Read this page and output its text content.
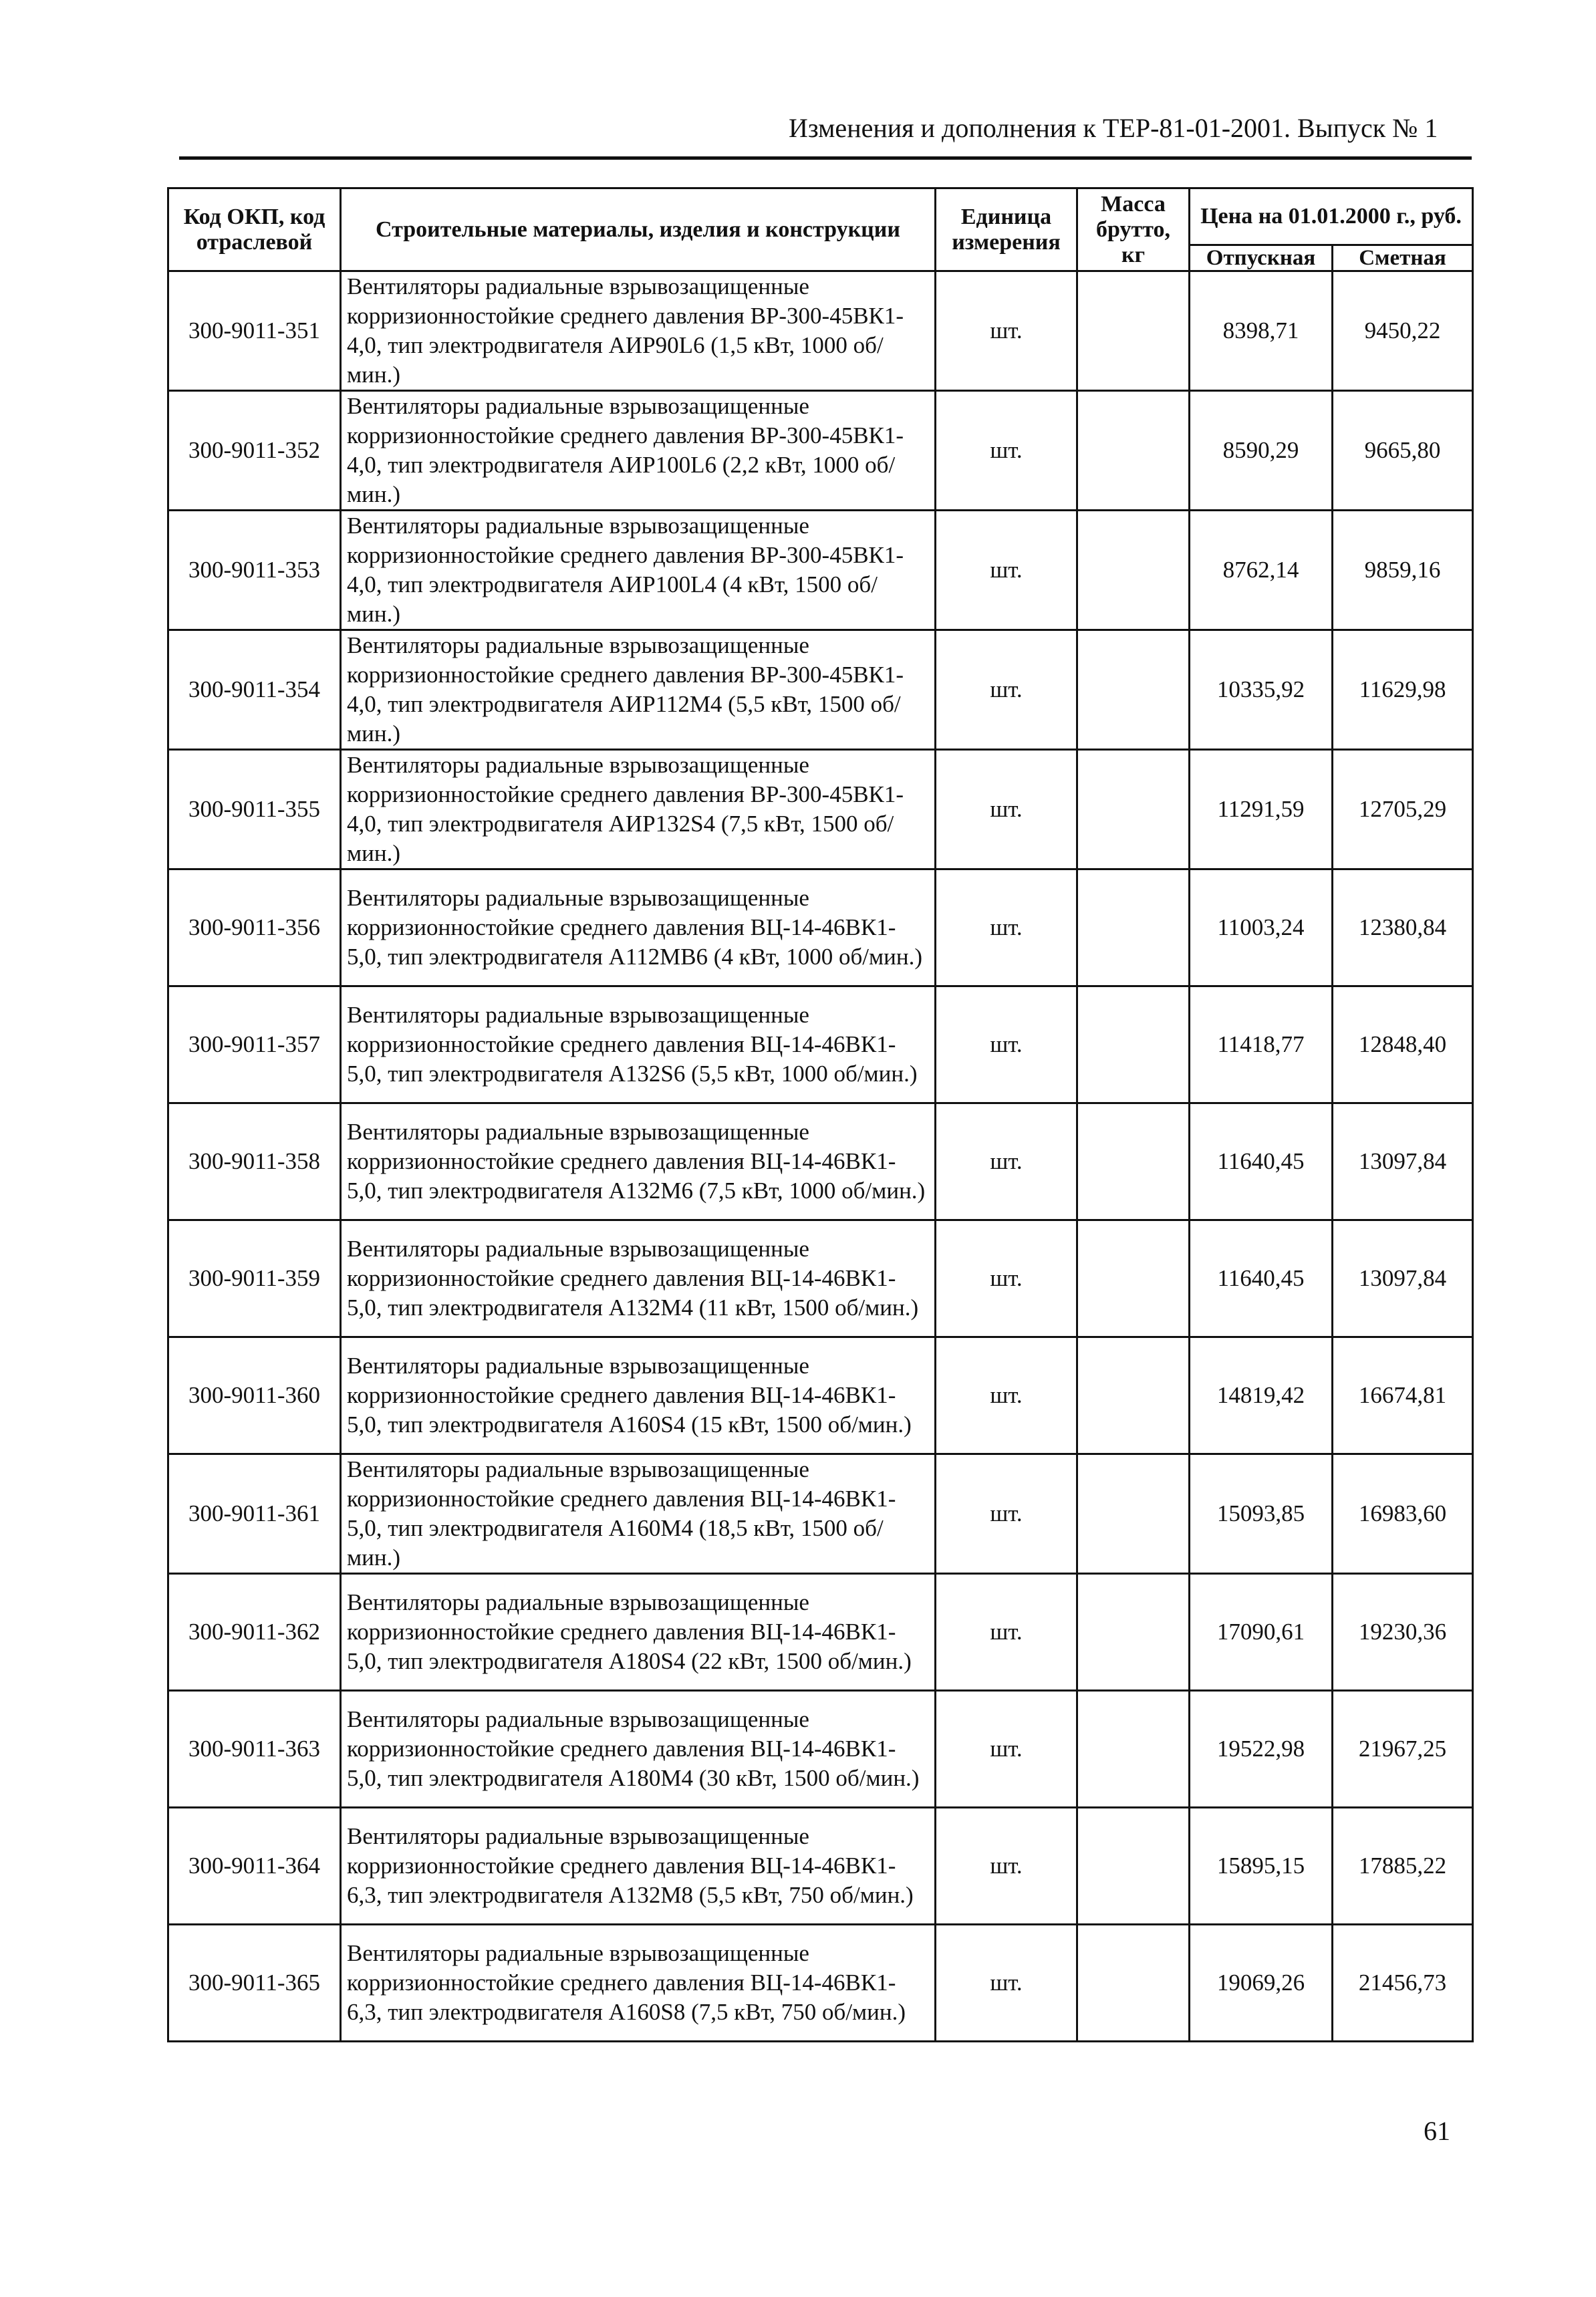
Изменения и дополнения к ТЕР-81-01-2001. Выпуск № 1
Код ОКП, код отраслевой	Строительные материалы, изделия и конструкции	Единица измерения	Масса брутто, кг	Цена на 01.01.2000 г., руб.	
				Отпускная	Сметная
300-9011-351	Вентиляторы радиальные взрывозащищенные корризионностойкие среднего давления ВР-300-45ВК1-4,0, тип электродвигателя АИР90L6 (1,5 кВт, 1000 об/мин.)	шт.		8398,71	9450,22
300-9011-352	Вентиляторы радиальные взрывозащищенные корризионностойкие среднего давления ВР-300-45ВК1-4,0, тип электродвигателя АИР100L6 (2,2 кВт, 1000 об/мин.)	шт.		8590,29	9665,80
300-9011-353	Вентиляторы радиальные взрывозащищенные корризионностойкие среднего давления ВР-300-45ВК1-4,0, тип электродвигателя АИР100L4 (4 кВт, 1500 об/мин.)	шт.		8762,14	9859,16
300-9011-354	Вентиляторы радиальные взрывозащищенные корризионностойкие среднего давления ВР-300-45ВК1-4,0, тип электродвигателя АИР112М4 (5,5 кВт, 1500 об/мин.)	шт.		10335,92	11629,98
300-9011-355	Вентиляторы радиальные взрывозащищенные корризионностойкие среднего давления ВР-300-45ВК1-4,0, тип электродвигателя АИР132S4 (7,5 кВт, 1500 об/мин.)	шт.		11291,59	12705,29
300-9011-356	Вентиляторы радиальные взрывозащищенные корризионностойкие среднего давления ВЦ-14-46ВК1-5,0, тип электродвигателя А112МВ6 (4 кВт, 1000 об/мин.)	шт.		11003,24	12380,84
300-9011-357	Вентиляторы радиальные взрывозащищенные корризионностойкие среднего давления ВЦ-14-46ВК1-5,0, тип электродвигателя А132S6 (5,5 кВт, 1000 об/мин.)	шт.		11418,77	12848,40
300-9011-358	Вентиляторы радиальные взрывозащищенные корризионностойкие среднего давления ВЦ-14-46ВК1-5,0, тип электродвигателя А132М6 (7,5 кВт, 1000 об/мин.)	шт.		11640,45	13097,84
300-9011-359	Вентиляторы радиальные взрывозащищенные корризионностойкие среднего давления ВЦ-14-46ВК1-5,0, тип электродвигателя А132М4 (11 кВт, 1500 об/мин.)	шт.		11640,45	13097,84
300-9011-360	Вентиляторы радиальные взрывозащищенные корризионностойкие среднего давления ВЦ-14-46ВК1-5,0, тип электродвигателя А160S4 (15 кВт, 1500 об/мин.)	шт.		14819,42	16674,81
300-9011-361	Вентиляторы радиальные взрывозащищенные корризионностойкие среднего давления ВЦ-14-46ВК1-5,0, тип электродвигателя А160М4 (18,5 кВт, 1500 об/мин.)	шт.		15093,85	16983,60
300-9011-362	Вентиляторы радиальные взрывозащищенные корризионностойкие среднего давления ВЦ-14-46ВК1-5,0, тип электродвигателя А180S4 (22 кВт, 1500 об/мин.)	шт.		17090,61	19230,36
300-9011-363	Вентиляторы радиальные взрывозащищенные корризионностойкие среднего давления ВЦ-14-46ВК1-5,0, тип электродвигателя А180М4 (30 кВт, 1500 об/мин.)	шт.		19522,98	21967,25
300-9011-364	Вентиляторы радиальные взрывозащищенные корризионностойкие среднего давления ВЦ-14-46ВК1-6,3, тип электродвигателя А132М8 (5,5 кВт, 750 об/мин.)	шт.		15895,15	17885,22
300-9011-365	Вентиляторы радиальные взрывозащищенные корризионностойкие среднего давления ВЦ-14-46ВК1-6,3, тип электродвигателя А160S8 (7,5 кВт, 750 об/мин.)	шт.		19069,26	21456,73
61
